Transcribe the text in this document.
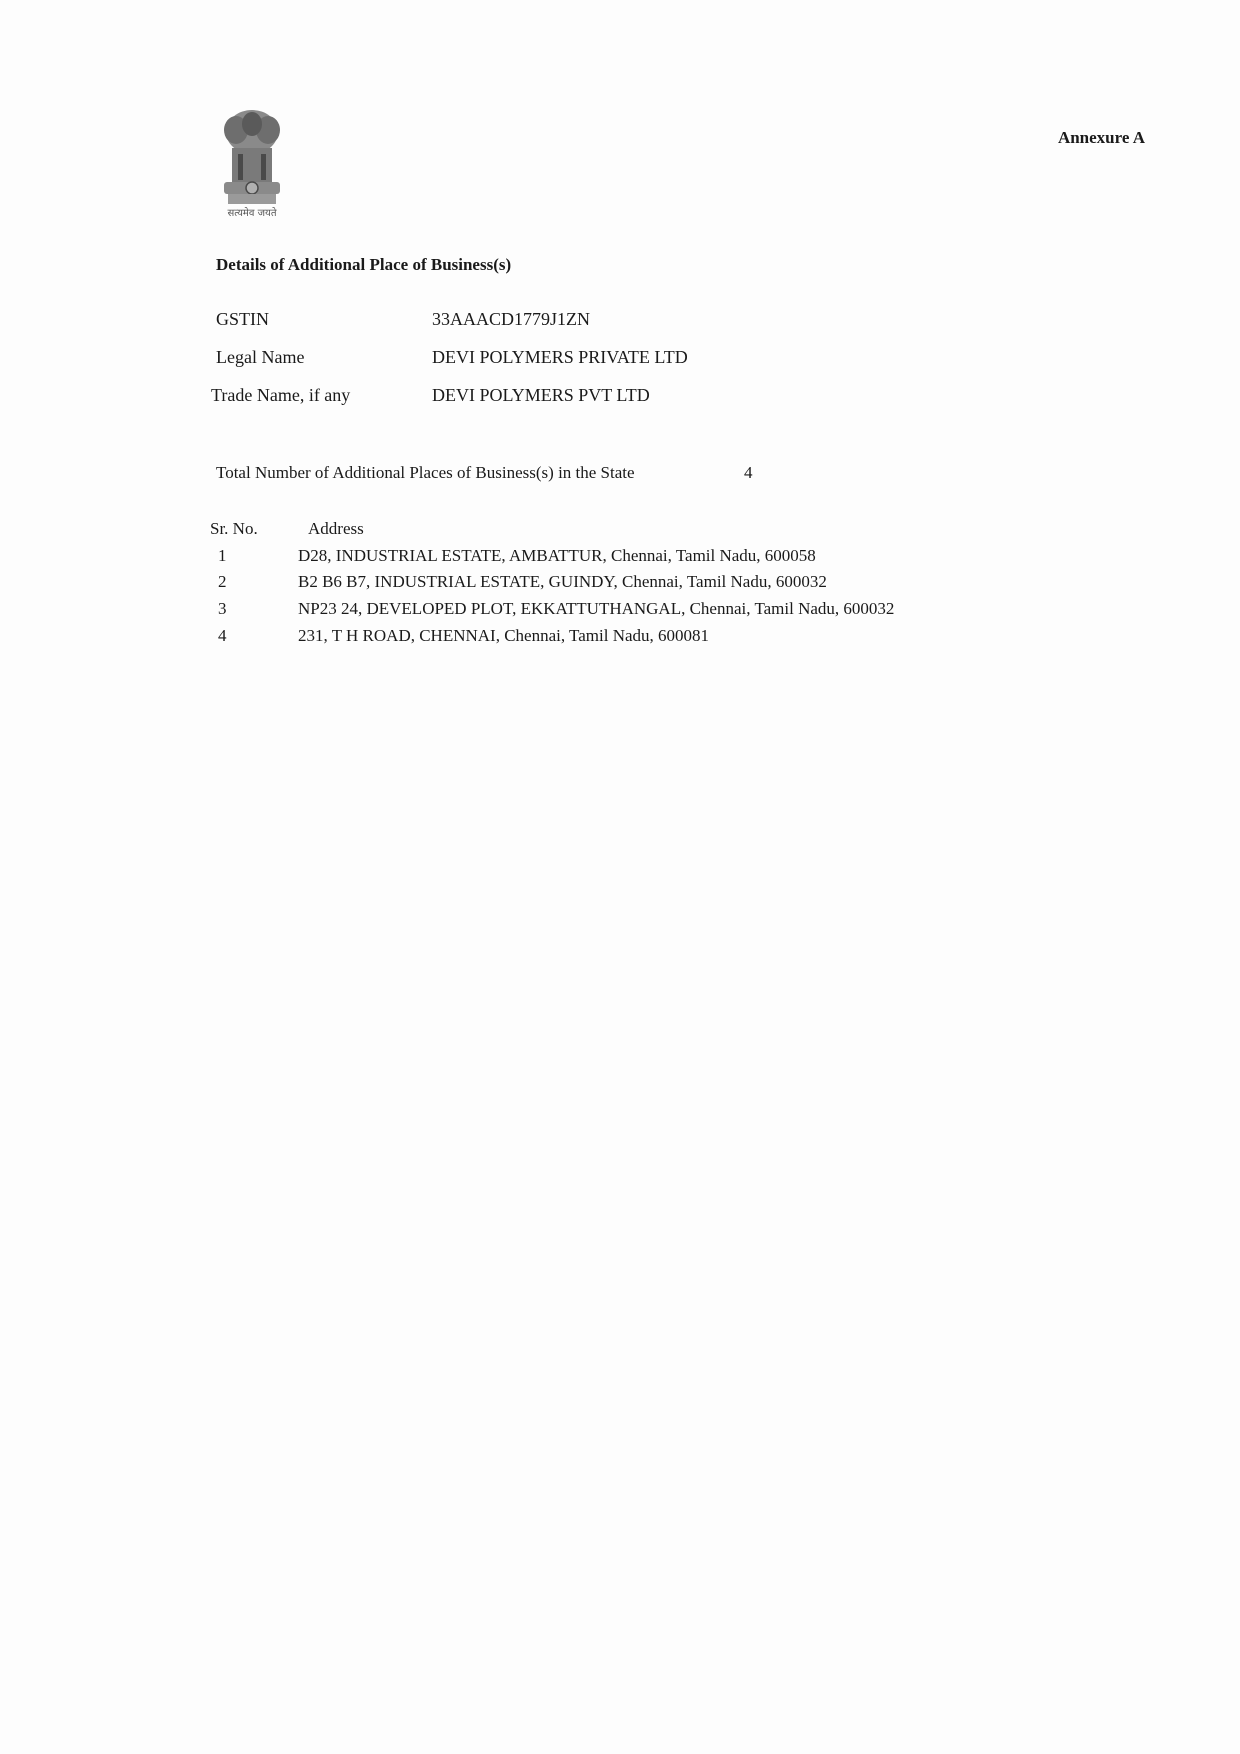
सत्यमेव जयते
Annexure A
Details of Additional Place of Business(s)
GSTIN	33AAACD1779J1ZN
Legal Name	DEVI POLYMERS PRIVATE LTD
Trade Name, if any	DEVI POLYMERS PVT LTD
Total Number of Additional Places of Business(s) in the State	4
Sr. No.	Address
1	D28, INDUSTRIAL ESTATE, AMBATTUR, Chennai, Tamil Nadu, 600058
2	B2 B6 B7, INDUSTRIAL ESTATE, GUINDY, Chennai, Tamil Nadu, 600032
3	NP23 24, DEVELOPED PLOT, EKKATTUTHANGAL, Chennai, Tamil Nadu, 600032
4	231, T H ROAD, CHENNAI, Chennai, Tamil Nadu, 600081
